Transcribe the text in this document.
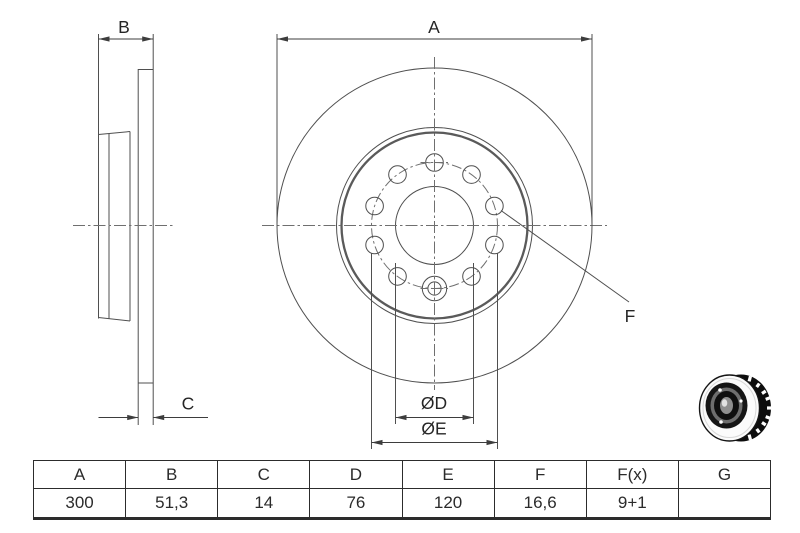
B
C
A
ØD
ØE
F
A	B	C	D	E	F	F(x)	G
300	51,3	14	76	120	16,6	9+1	
